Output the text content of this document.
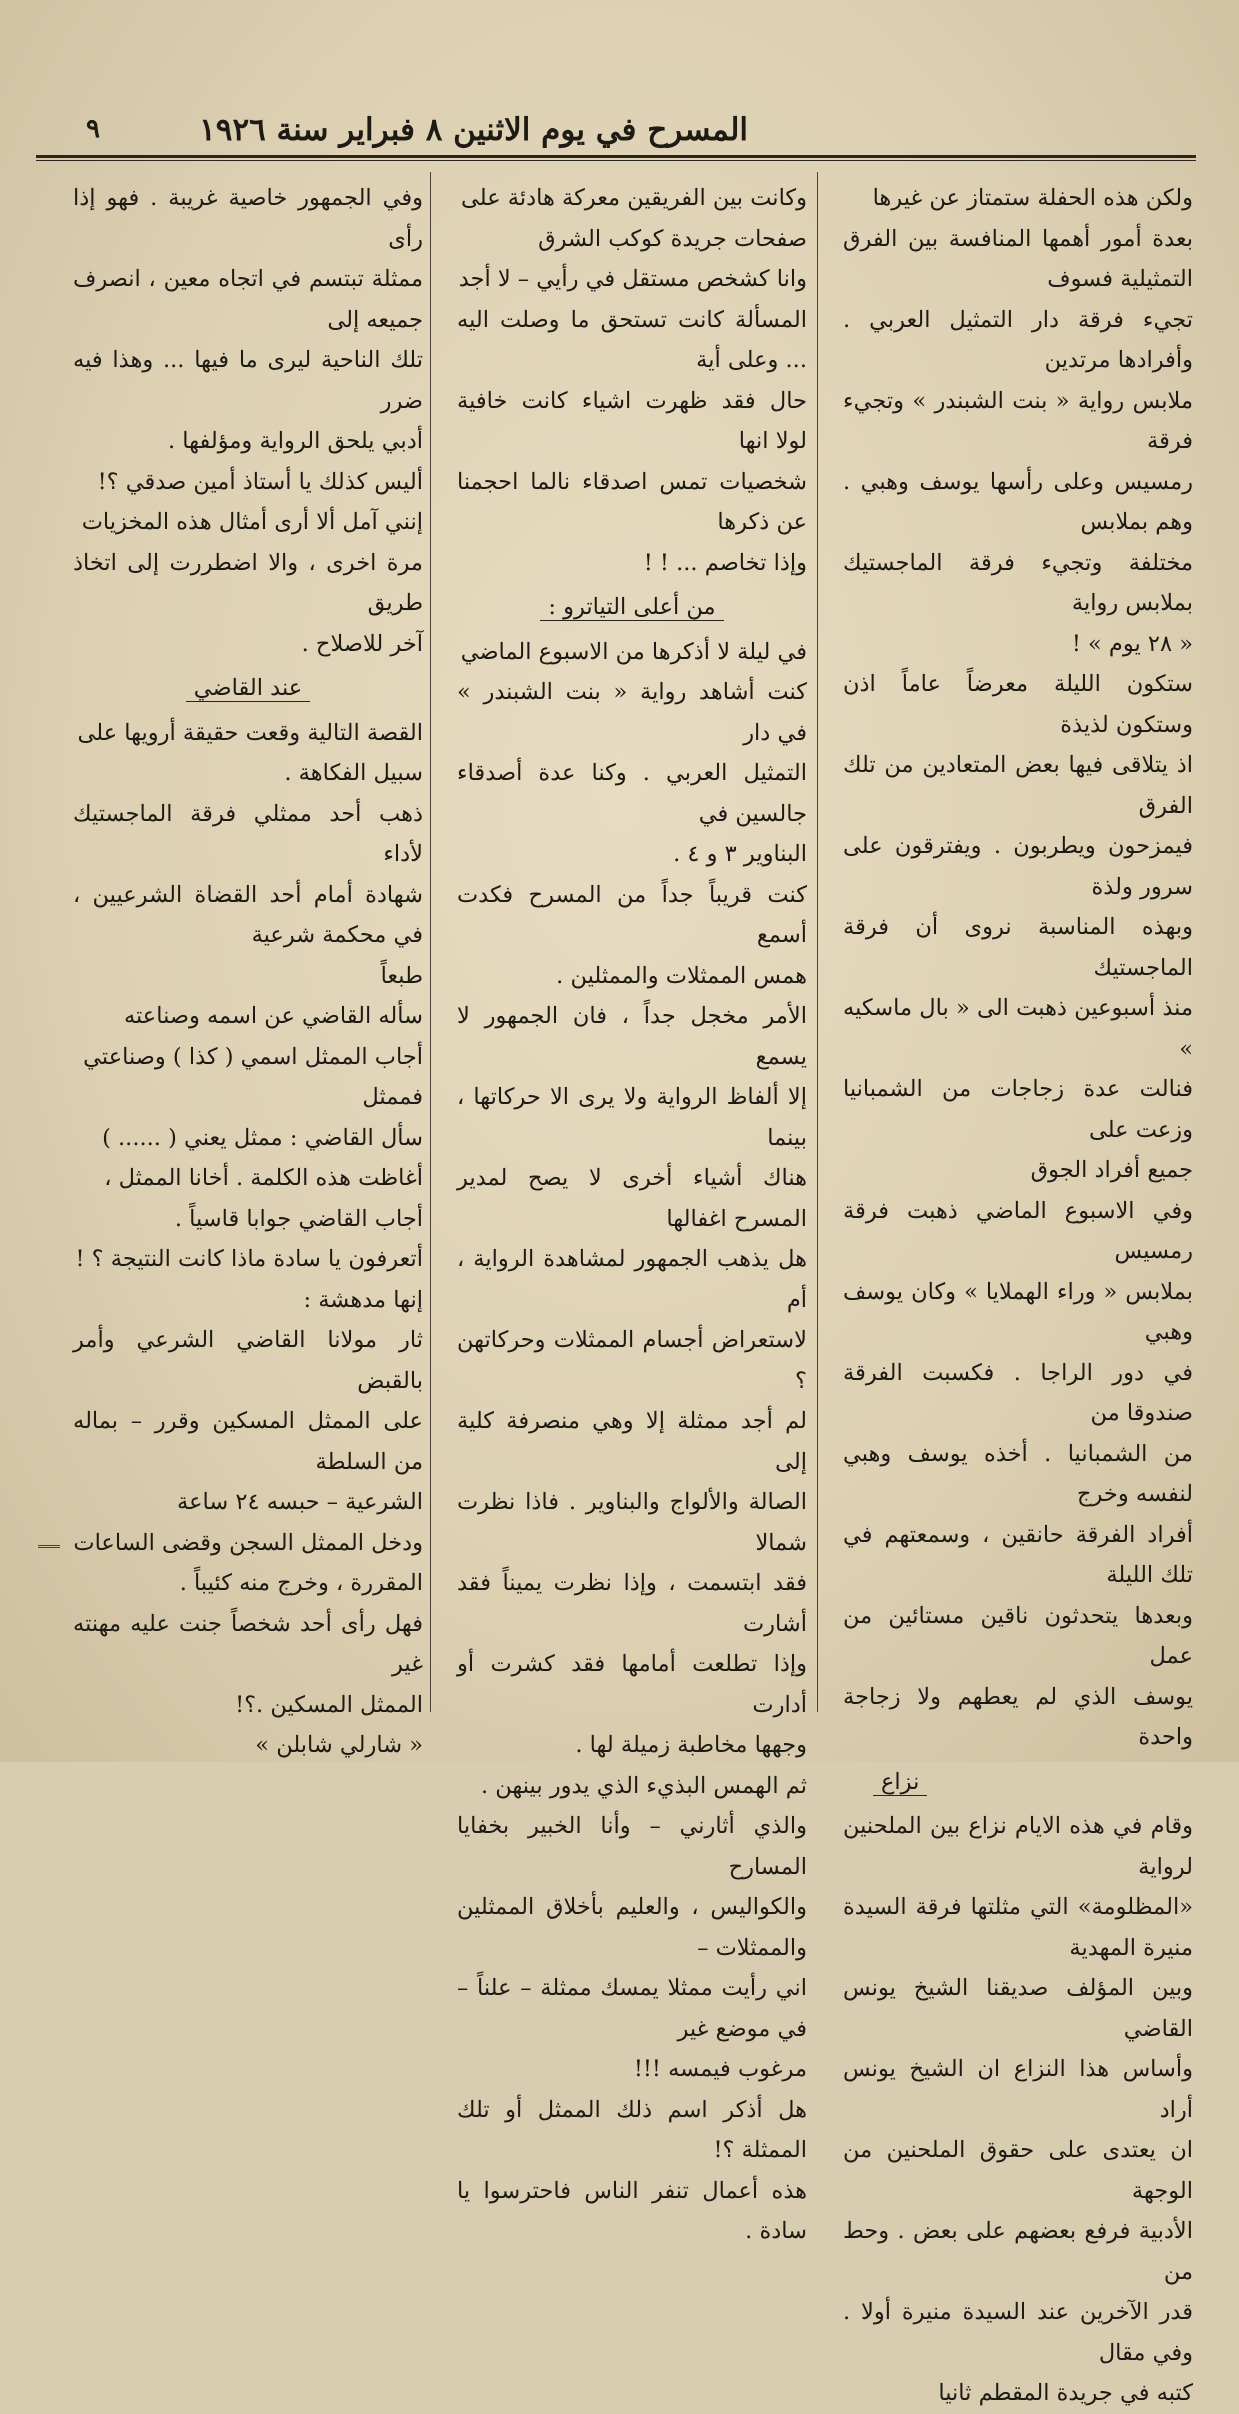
المسرح في يوم الاثنين ٨ فبراير سنة ١٩٢٦
٩

ولكن هذه الحفلة ستمتاز عن غيرها

بعدة أمور أهمها المنافسة بين الفرق التمثيلية فسوف

تجيء فرقة دار التمثيل العربي . وأفرادها مرتدين

ملابس رواية « بنت الشبندر » وتجيء فرقة

رمسيس وعلى رأسها يوسف وهبي . وهم بملابس

مختلفة وتجيء فرقة الماجستيك بملابس رواية

« ٢٨ يوم » !

ستكون الليلة معرضاً عاماً اذن وستكون لذيذة

اذ يتلاقى فيها بعض المتعادين من تلك الفرق

فيمزحون ويطربون . ويفترقون على سرور ولذة

وبهذه المناسبة نروى أن فرقة الماجستيك

منذ أسبوعين ذهبت الى « بال ماسكيه »

فنالت عدة زجاجات من الشمبانيا وزعت على

جميع أفراد الجوق

وفي الاسبوع الماضي ذهبت فرقة رمسيس

بملابس « وراء الهملايا » وكان يوسف وهبي

في دور الراجا . فكسبت الفرقة صندوقا من

من الشمبانيا . أخذه يوسف وهبي لنفسه وخرج

أفراد الفرقة حانقين ، وسمعتهم في تلك الليلة

وبعدها يتحدثون ناقين مستائين من عمل

يوسف الذي لم يعطهم ولا زجاجة واحدة

نزاع

وقام في هذه الايام نزاع بين الملحنين لرواية

«المظلومة» التي مثلتها فرقة السيدة منيرة المهدية

وبين المؤلف صديقنا الشيخ يونس القاضي

وأساس هذا النزاع ان الشيخ يونس أراد

ان يعتدى على حقوق الملحنين من الوجهة

الأدبية فرفع بعضهم على بعض . وحط من

قدر الآخرين عند السيدة منيرة أولا . وفي مقال

كتبه في جريدة المقطم ثانيا

وكانت بين الفريقين معركة هادئة على

صفحات جريدة كوكب الشرق

وانا كشخص مستقل في رأيي – لا أجد

المسألة كانت تستحق ما وصلت اليه ... وعلى أية

حال فقد ظهرت اشياء كانت خافية لولا انها

شخصيات تمس اصدقاء نالما احجمنا عن ذكرها

وإذا تخاصم ... ! !

من أعلى التياترو :

في ليلة لا أذكرها من الاسبوع الماضي

كنت أشاهد رواية « بنت الشبندر » في دار

التمثيل العربي . وكنا عدة أصدقاء جالسين في

البناوير ٣ و ٤ .

كنت قريباً جداً من المسرح فكدت أسمع

همس الممثلات والممثلين .

الأمر مخجل جداً ، فان الجمهور لا يسمع

إلا ألفاظ الرواية ولا يرى الا حركاتها ، بينما

هناك أشياء أخرى لا يصح لمدير المسرح اغفالها

هل يذهب الجمهور لمشاهدة الرواية ، أم

لاستعراض أجسام الممثلات وحركاتهن ؟

لم أجد ممثلة إلا وهي منصرفة كلية إلى

الصالة والألواج والبناوير . فاذا نظرت شمالا

فقد ابتسمت ، وإذا نظرت يميناً فقد أشارت

وإذا تطلعت أمامها فقد كشرت أو أدارت

وجهها مخاطبة زميلة لها .

ثم الهمس البذيء الذي يدور بينهن .

والذي أثارني – وأنا الخبير بخفايا المسارح

والكواليس ، والعليم بأخلاق الممثلين والممثلات –

اني رأيت ممثلا يمسك ممثلة – علناً – في موضع غير

مرغوب فيمسه !!!

هل أذكر اسم ذلك الممثل أو تلك الممثلة ؟!

هذه أعمال تنفر الناس فاحترسوا يا سادة .

وفي الجمهور خاصية غريبة . فهو إذا رأى

ممثلة تبتسم في اتجاه معين ، انصرف جميعه إلى

تلك الناحية ليرى ما فيها ... وهذا فيه ضرر

أدبي يلحق الرواية ومؤلفها .

أليس كذلك يا أستاذ أمين صدقي ؟!

إنني آمل ألا أرى أمثال هذه المخزيات

مرة اخرى ، والا اضطررت إلى اتخاذ طريق

آخر للاصلاح .

عند القاضي

القصة التالية وقعت حقيقة أرويها على

سبيل الفكاهة .

ذهب أحد ممثلي فرقة الماجستيك لأداء

شهادة أمام أحد القضاة الشرعيين ، في محكمة شرعية

طبعاً

سأله القاضي عن اسمه وصناعته

أجاب الممثل اسمي ( كذا ) وصناعتي

فممثل

سأل القاضي : ممثل يعني ( ...... )

أغاظت هذه الكلمة . أخانا الممثل ،

أجاب القاضي جوابا قاسياً .

أتعرفون يا سادة ماذا كانت النتيجة ؟ !

إنها مدهشة :

ثار مولانا القاضي الشرعي وأمر بالقبض

على الممثل المسكين وقرر – بماله من السلطة

الشرعية – حبسه ٢٤ ساعة

ودخل الممثل السجن وقضى الساعات

المقررة ، وخرج منه كئيباً .

فهل رأى أحد شخصاً جنت عليه مهنته غير

الممثل المسكين .؟!

« شارلي شابلن »
